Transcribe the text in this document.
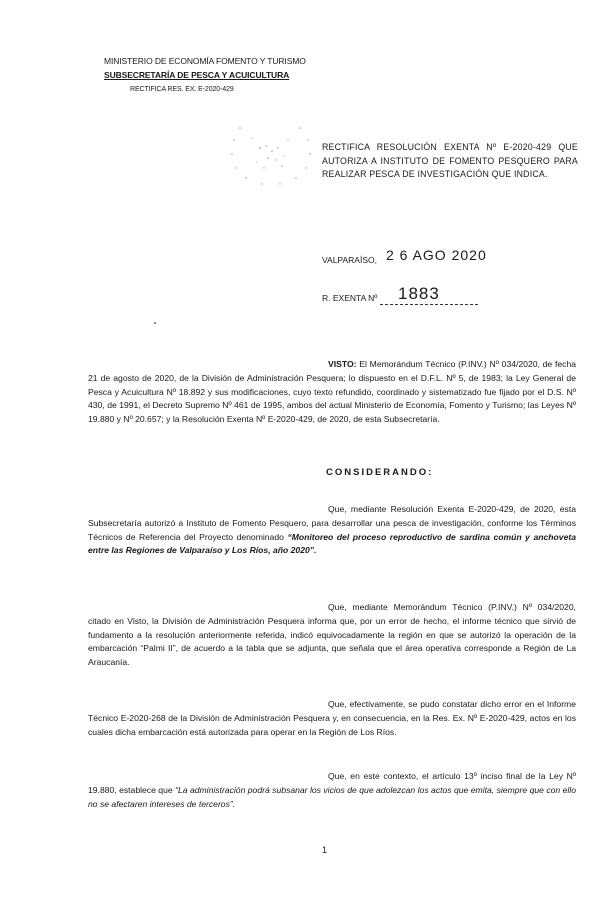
MINISTERIO DE ECONOMÍA FOMENTO Y TURISMO
SUBSECRETARÍA DE PESCA Y ACUICULTURA
RECTIFICA RES. EX. E-2020-429
RECTIFICA RESOLUCIÓN EXENTA Nº E-2020-429 QUE AUTORIZA A INSTITUTO DE FOMENTO PESQUERO PARA REALIZAR PESCA DE INVESTIGACIÓN QUE INDICA.
VALPARAÍSO, 2 6 AGO 2020
R. EXENTA Nº 1883
VISTO: El Memorándum Técnico (P.INV.) Nº 034/2020, de fecha 21 de agosto de 2020, de la División de Administración Pesquera; lo dispuesto en el D.F.L. Nº 5, de 1983; la Ley General de Pesca y Acuicultura Nº 18.892 y sus modificaciones, cuyo texto refundido, coordinado y sistematizado fue fijado por el D.S. Nº 430, de 1991, el Decreto Supremo Nº 461 de 1995, ambos del actual Ministerio de Economía, Fomento y Turismo; las Leyes Nº 19.880 y Nº 20.657; y la Resolución Exenta Nº E-2020-429, de 2020, de esta Subsecretaría.
CONSIDERANDO:
Que, mediante Resolución Exenta E-2020-429, de 2020, esta Subsecretaría autorizó a Instituto de Fomento Pesquero, para desarrollar una pesca de investigación, conforme los Términos Técnicos de Referencia del Proyecto denominado “Monitoreo del proceso reproductivo de sardina común y anchoveta entre las Regiones de Valparaíso y Los Ríos, año 2020”.
Que, mediante Memorándum Técnico (P.INV.) Nº 034/2020, citado en Visto, la División de Administración Pesquera informa que, por un error de hecho, el informe técnico que sirvió de fundamento a la resolución anteriormente referida, indicó equivocadamente la región en que se autorizó la operación de la embarcación “Palmi II”, de acuerdo a la tabla que se adjunta, que señala que el área operativa corresponde a Región de La Araucanía.
Que, efectivamente, se pudo constatar dicho error en el Informe Técnico E-2020-268 de la División de Administración Pesquera y, en consecuencia, en la Res. Ex. Nº E-2020-429, actos en los cuales dicha embarcación está autorizada para operar en la Región de Los Ríos.
Que, en este contexto, el artículo 13º inciso final de la Ley Nº 19.880, establece que “La administración podrá subsanar los vicios de que adolezcan los actos que emita, siempre que con ello no se afectaren intereses de terceros”.
1
